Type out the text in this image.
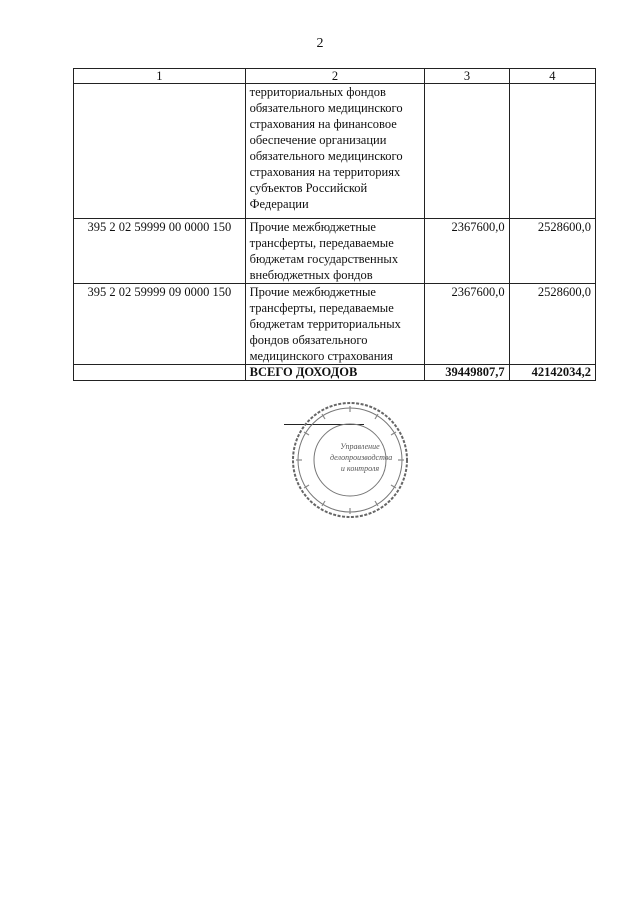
2
1	2	3	4
	территориальных фондов обязательного медицинского страхования на финансовое обеспечение организации обязательного медицинского страхования на территориях субъектов Российской Федерации		
395 2 02 59999 00 0000 150	Прочие межбюджетные трансферты, передаваемые бюджетам государственных внебюджетных фондов	2367600,0	2528600,0
395 2 02 59999 09 0000 150	Прочие межбюджетные трансферты, передаваемые бюджетам территориальных фондов обязательного медицинского страхования	2367600,0	2528600,0
	ВСЕГО ДОХОДОВ	39449807,7	42142034,2
Управление
делопроизводства
и контроля
